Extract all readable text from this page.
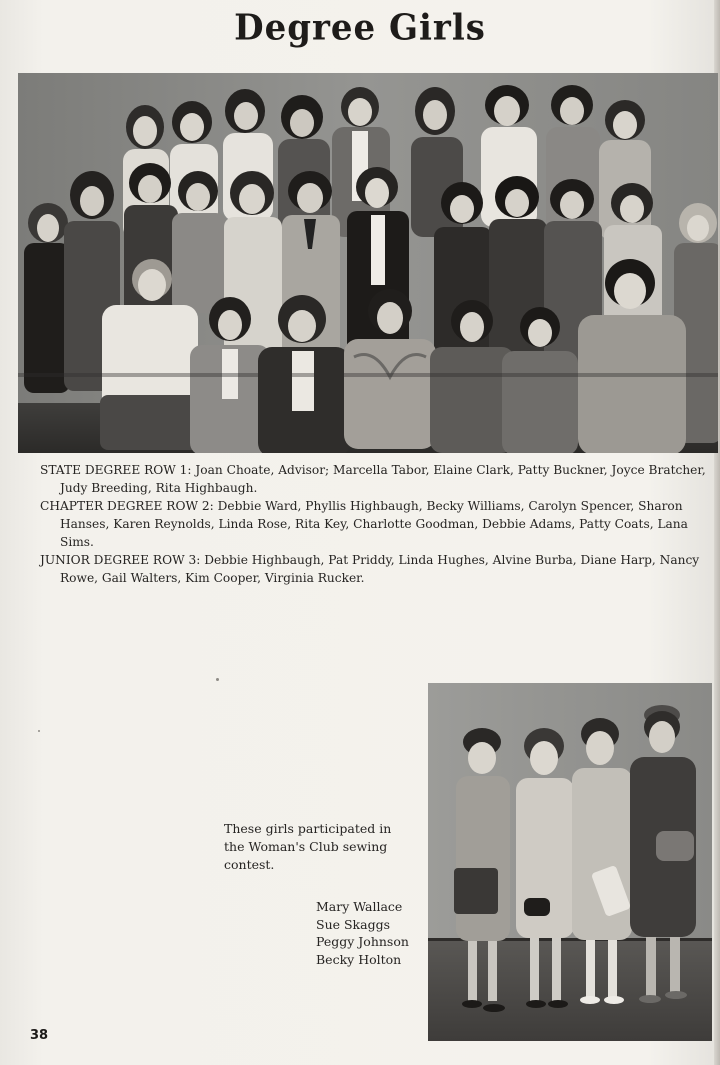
Degree Girls

STATE DEGREE ROW 1: Joan Choate, Advisor; Marcella Tabor, Elaine Clark, Patty Buckner, Joyce Bratcher, Judy Breeding, Rita Highbaugh.

CHAPTER DEGREE ROW 2: Debbie Ward, Phyllis Highbaugh, Becky Williams, Carolyn Spencer, Sharon Hanses, Karen Reynolds, Linda Rose, Rita Key, Charlotte Goodman, Debbie Adams, Patty Coats, Lana Sims.

JUNIOR DEGREE ROW 3: Debbie Highbaugh, Pat Priddy, Linda Hughes, Alvine Burba, Diane Harp, Nancy Rowe, Gail Walters, Kim Cooper, Virginia Rucker.

These girls participated in the Woman's Club sewing contest.
Mary Wallace
Sue Skaggs
Peggy Johnson
Becky Holton
38
